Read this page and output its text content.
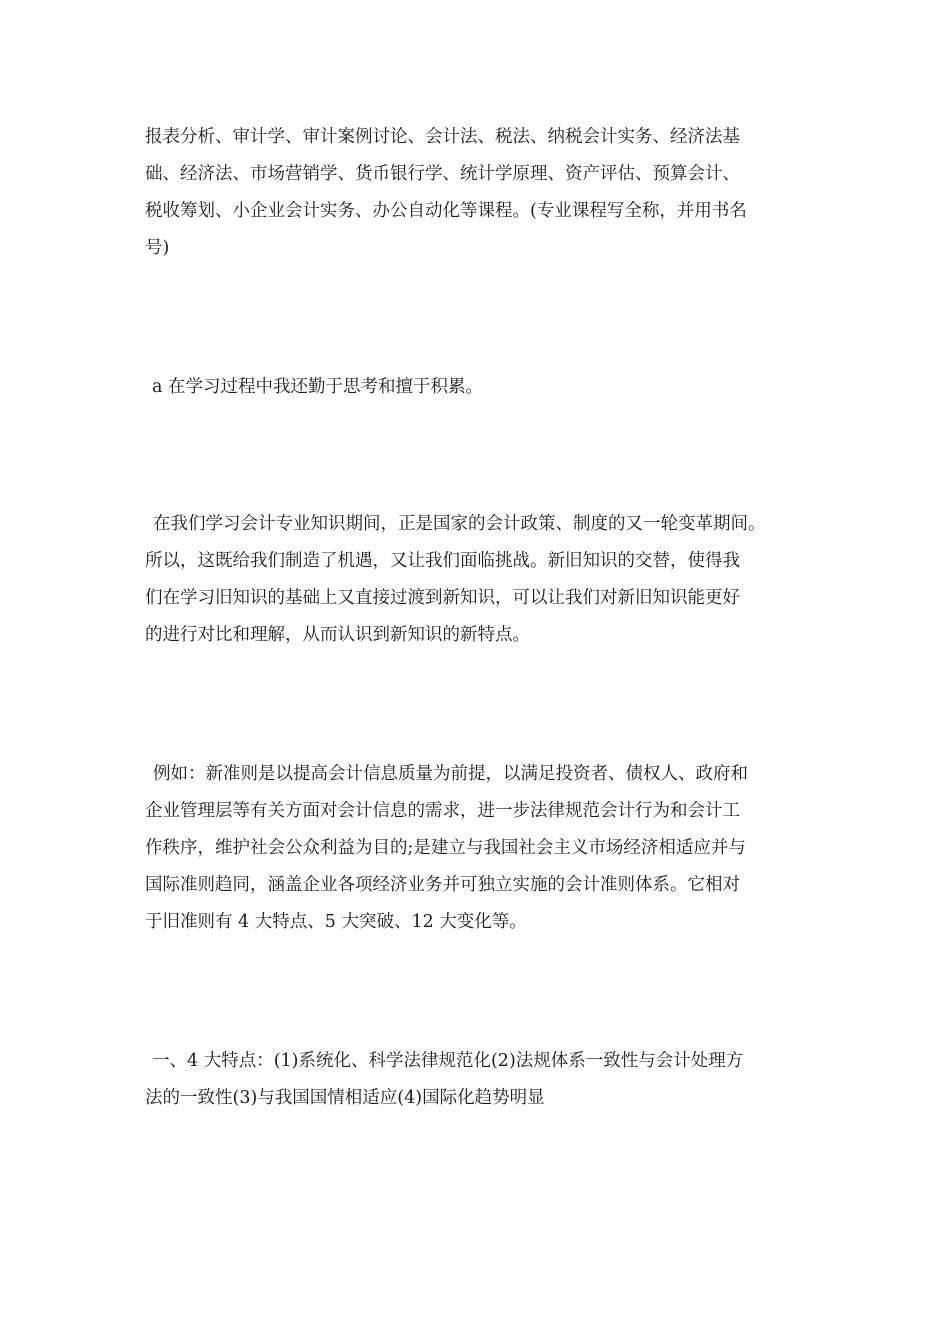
报表分析、审计学、审计案例讨论、会计法、税法、纳税会计实务、经济法基
础、经济法、市场营销学、货币银行学、统计学原理、资产评估、预算会计、
税收筹划、小企业会计实务、办公自动化等课程。(专业课程写全称，并用书名
号)
a 在学习过程中我还勤于思考和擅于积累。
在我们学习会计专业知识期间，正是国家的会计政策、制度的又一轮变革期间。
所以，这既给我们制造了机遇，又让我们面临挑战。新旧知识的交替，使得我
们在学习旧知识的基础上又直接过渡到新知识，可以让我们对新旧知识能更好
的进行对比和理解，从而认识到新知识的新特点。
例如：新准则是以提高会计信息质量为前提，以满足投资者、债权人、政府和
企业管理层等有关方面对会计信息的需求，进一步法律规范会计行为和会计工
作秩序，维护社会公众利益为目的;是建立与我国社会主义市场经济相适应并与
国际准则趋同，涵盖企业各项经济业务并可独立实施的会计准则体系。它相对
于旧准则有 4 大特点、5 大突破、12 大变化等。
一、4 大特点：(1)系统化、科学法律规范化(2)法规体系一致性与会计处理方
法的一致性(3)与我国国情相适应(4)国际化趋势明显
